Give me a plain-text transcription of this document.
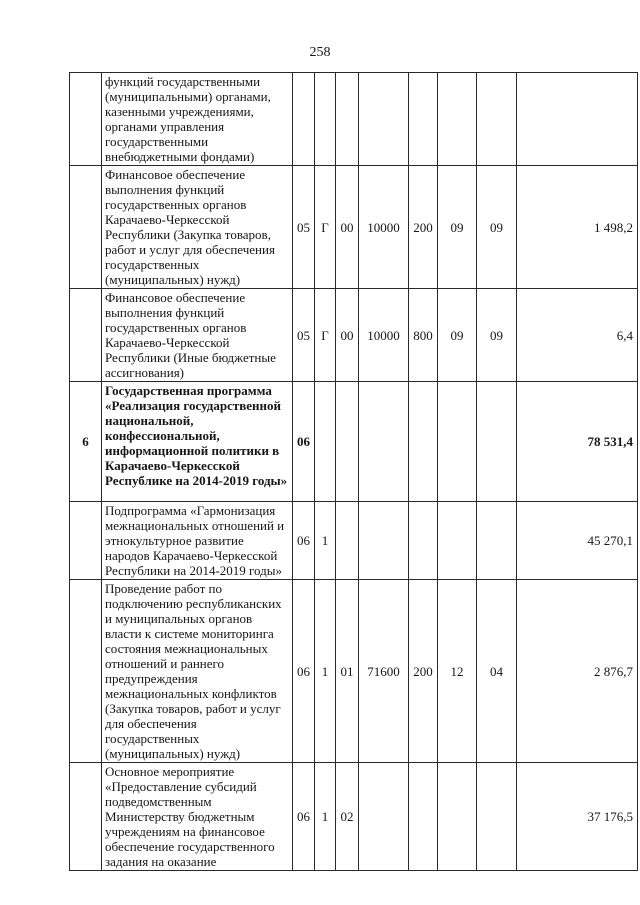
258
	функций государственными (муниципальными) органами, казенными учреждениями, органами управления государственными внебюджетными фондами)								
	Финансовое обеспечение выполнения функций государственных органов Карачаево-Черкесской Республики (Закупка товаров, работ и услуг для обеспечения государственных (муниципальных) нужд)	05	Г	00	10000	200	09	09	1 498,2
	Финансовое обеспечение выполнения функций государственных органов Карачаево-Черкесской Республики (Иные бюджетные ассигнования)	05	Г	00	10000	800	09	09	6,4
6	Государственная программа «Реализация государственной национальной, конфессиональной, информационной политики в Карачаево-Черкесской Республике на 2014-2019 годы»	06							78 531,4
	Подпрограмма «Гармонизация межнациональных отношений и этнокультурное развитие народов Карачаево-Черкесской Республики на 2014-2019 годы»	06	1						45 270,1
	Проведение работ по подключению республиканских и муниципальных органов власти к системе мониторинга состояния межнациональных отношений и раннего предупреждения межнациональных конфликтов (Закупка товаров, работ и услуг для обеспечения государственных (муниципальных) нужд)	06	1	01	71600	200	12	04	2 876,7
	Основное мероприятие «Предоставление субсидий подведомственным Министерству бюджетным учреждениям на финансовое обеспечение государственного задания на оказание	06	1	02					37 176,5
